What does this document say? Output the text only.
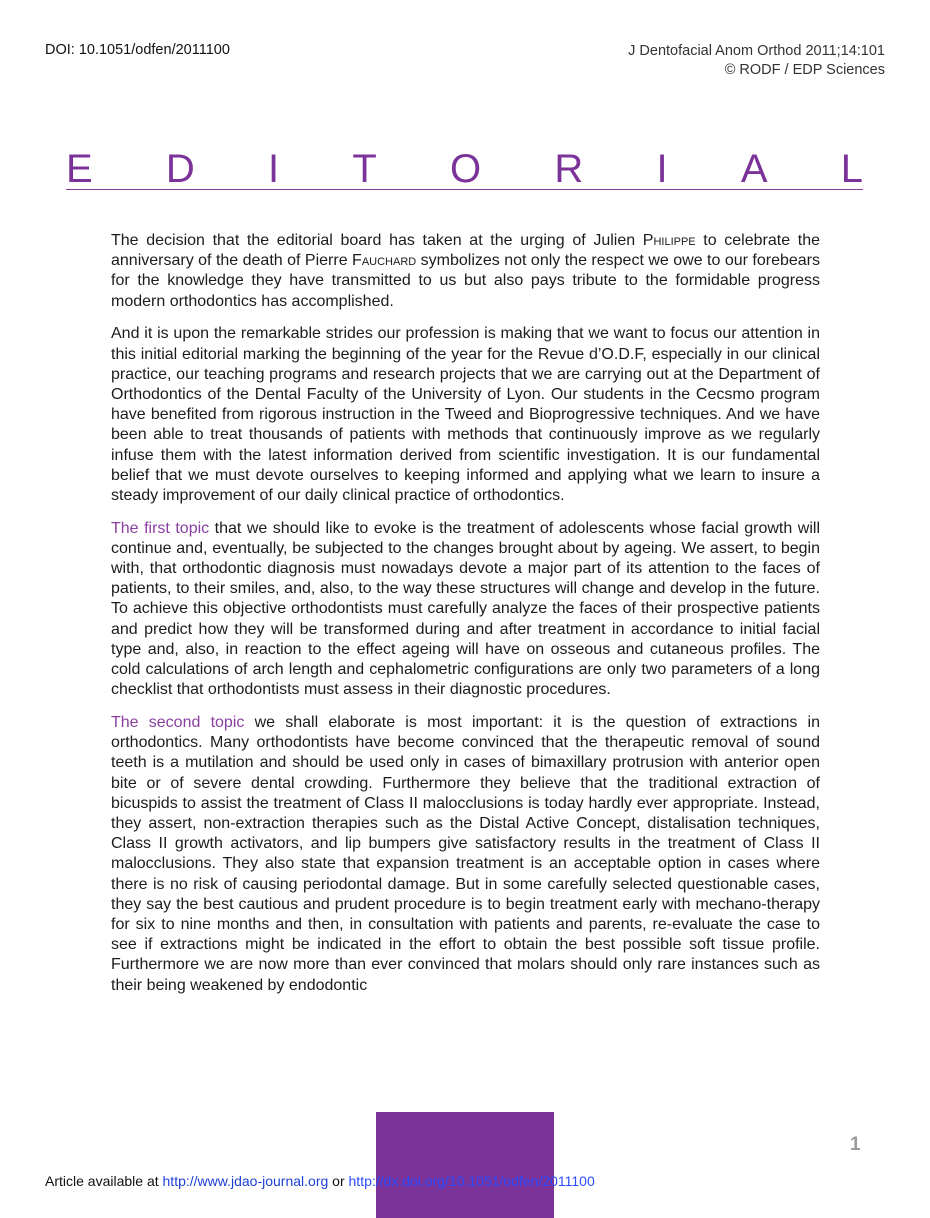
DOI: 10.1051/odfen/2011100	J Dentofacial Anom Orthod 2011;14:101
© RODF / EDP Sciences
E D I T O R I A L

The decision that the editorial board has taken at the urging of Julien Philippe to celebrate the anniversary of the death of Pierre Fauchard symbolizes not only the respect we owe to our forebears for the knowledge they have transmitted to us but also pays tribute to the formidable progress modern orthodontics has accomplished.

And it is upon the remarkable strides our profession is making that we want to focus our attention in this initial editorial marking the beginning of the year for the Revue d’O.D.F, especially in our clinical practice, our teaching programs and research projects that we are carrying out at the Department of Orthodontics of the Dental Faculty of the University of Lyon. Our students in the Cecsmo program have benefited from rigorous instruction in the Tweed and Bioprogressive techniques. And we have been able to treat thousands of patients with methods that continuously improve as we regularly infuse them with the latest information derived from scientific investigation. It is our fundamental belief that we must devote ourselves to keeping informed and applying what we learn to insure a steady improvement of our daily clinical practice of orthodontics.

The first topic that we should like to evoke is the treatment of adolescents whose facial growth will continue and, eventually, be subjected to the changes brought about by ageing. We assert, to begin with, that orthodontic diagnosis must nowadays devote a major part of its attention to the faces of patients, to their smiles, and, also, to the way these structures will change and develop in the future. To achieve this objective orthodontists must carefully analyze the faces of their prospective patients and predict how they will be transformed during and after treatment in accordance to initial facial type and, also, in reaction to the effect ageing will have on osseous and cutaneous profiles. The cold calculations of arch length and cephalometric configurations are only two parameters of a long checklist that orthodontists must assess in their diagnostic procedures.

The second topic we shall elaborate is most important: it is the question of extractions in orthodontics. Many orthodontists have become convinced that the therapeutic removal of sound teeth is a mutilation and should be used only in cases of bimaxillary protrusion with anterior open bite or of severe dental crowding. Furthermore they believe that the traditional extraction of bicuspids to assist the treatment of Class II malocclusions is today hardly ever appropriate. Instead, they assert, non-extraction therapies such as the Distal Active Concept, distalisation techniques, Class II growth activators, and lip bumpers give satisfactory results in the treatment of Class II malocclusions. They also state that expansion treatment is an acceptable option in cases where there is no risk of causing periodontal damage. But in some carefully selected questionable cases, they say the best cautious and prudent procedure is to begin treatment early with mechano-therapy for six to nine months and then, in consultation with patients and parents, re-evaluate the case to see if extractions might be indicated in the effort to obtain the best possible soft tissue profile. Furthermore we are now more than ever convinced that molars should only rare instances such as their being weakened by endodontic

1
Article available at http://www.jdao-journal.org or http://dx.doi.org/10.1051/odfen/2011100
